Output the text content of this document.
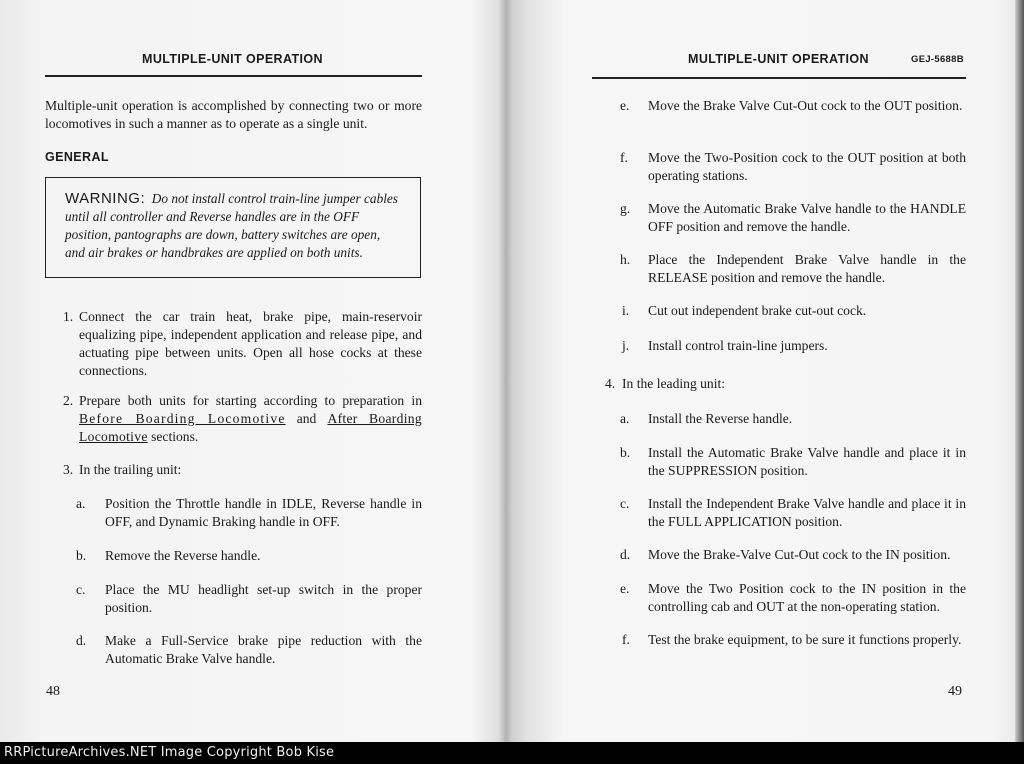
MULTIPLE-UNIT OPERATION
Multiple-unit operation is accomplished by connecting two or more locomotives in such a manner as to operate as a single unit.
GENERAL
WARNING: Do not install control train-line jumper cables until all controller and Reverse handles are in the OFF position, pantographs are down, battery switches are open, and air brakes or handbrakes are applied on both units.
1. Connect the car train heat, brake pipe, main-reservoir equalizing pipe, independent application and release pipe, and actuating pipe between units. Open all hose cocks at these connections.
2. Prepare both units for starting according to preparation in Before Boarding Locomotive and After Boarding Locomotive sections.
3. In the trailing unit:
a. Position the Throttle handle in IDLE, Reverse handle in OFF, and Dynamic Braking handle in OFF.
b. Remove the Reverse handle.
c. Place the MU headlight set-up switch in the proper position.
d. Make a Full-Service brake pipe reduction with the Automatic Brake Valve handle.
48
MULTIPLE-UNIT OPERATION	GEJ-5688B
e. Move the Brake Valve Cut-Out cock to the OUT position.
f. Move the Two-Position cock to the OUT position at both operating stations.
g. Move the Automatic Brake Valve handle to the HANDLE OFF position and remove the handle.
h. Place the Independent Brake Valve handle in the RELEASE position and remove the handle.
i. Cut out independent brake cut-out cock.
j. Install control train-line jumpers.
4. In the leading unit:
a. Install the Reverse handle.
b. Install the Automatic Brake Valve handle and place it in the SUPPRESSION position.
c. Install the Independent Brake Valve handle and place it in the FULL APPLICATION position.
d. Move the Brake-Valve Cut-Out cock to the IN position.
e. Move the Two Position cock to the IN position in the controlling cab and OUT at the non-operating station.
f. Test the brake equipment, to be sure it functions properly.
49
RRPictureArchives.NET Image Copyright Bob Kise
